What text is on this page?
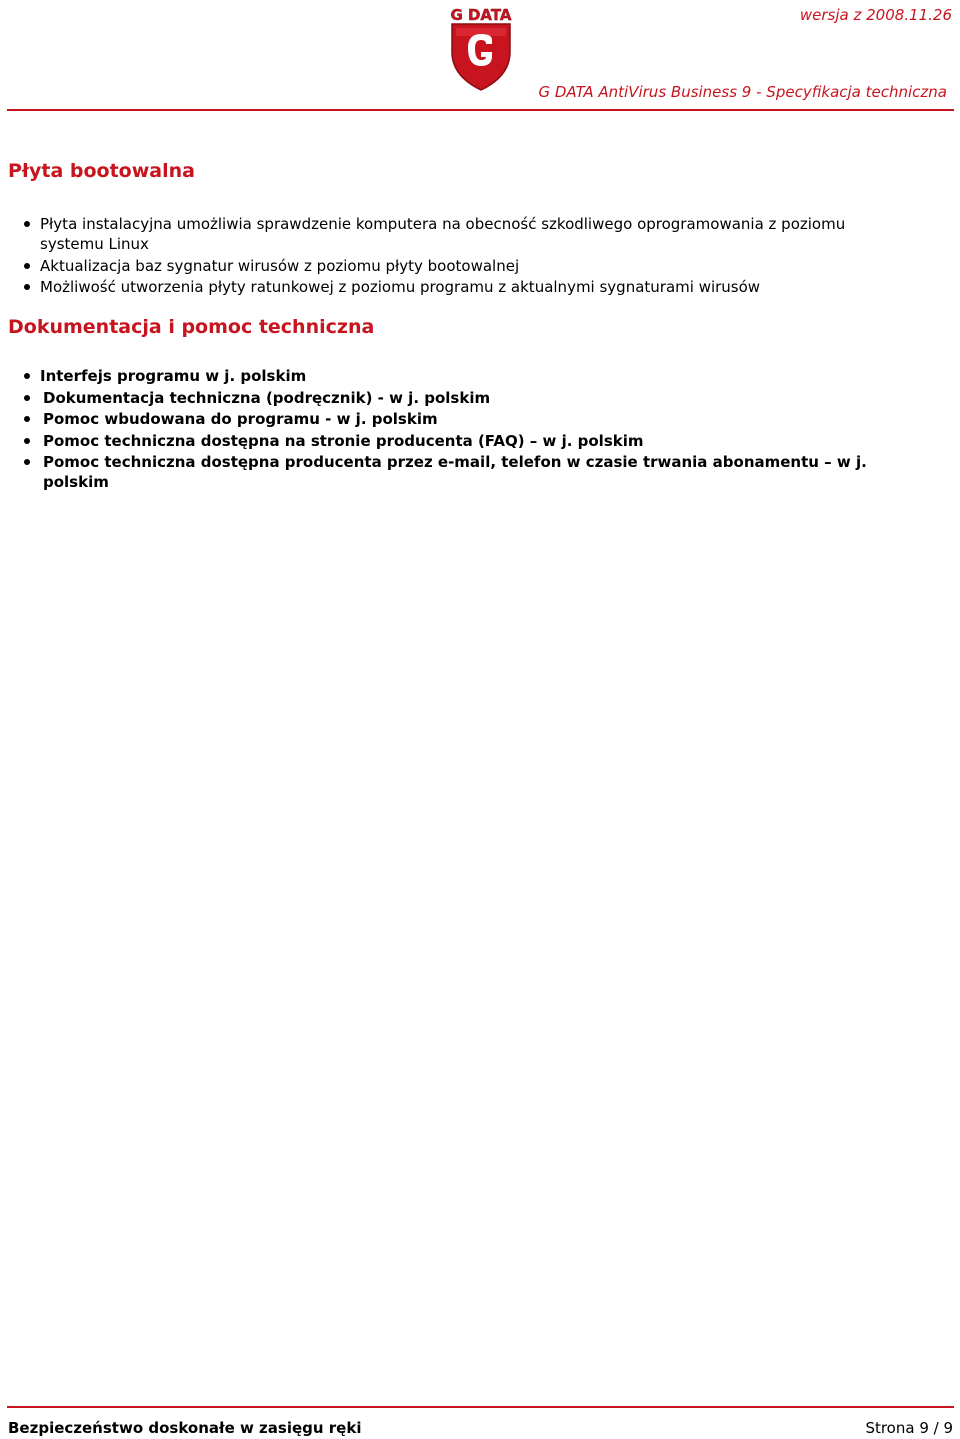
wersja z 2008.11.26
G DATA
G DATA AntiVirus Business 9 - Specyfikacja techniczna
Płyta bootowalna
Płyta instalacyjna umożliwia sprawdzenie komputera na obecność szkodliwego oprogramowania z poziomu systemu Linux
Aktualizacja baz sygnatur wirusów z poziomu płyty bootowalnej
Możliwość utworzenia płyty ratunkowej z poziomu programu z aktualnymi sygnaturami wirusów
Dokumentacja i pomoc techniczna
Interfejs programu w j. polskim
Dokumentacja techniczna (podręcznik) - w j. polskim
Pomoc wbudowana do programu - w j. polskim
Pomoc techniczna dostępna na stronie producenta (FAQ) – w j. polskim
Pomoc techniczna dostępna producenta przez e-mail, telefon w czasie trwania abonamentu – w j. polskim
Bezpieczeństwo doskonałe w zasięgu ręki	Strona 9 / 9
